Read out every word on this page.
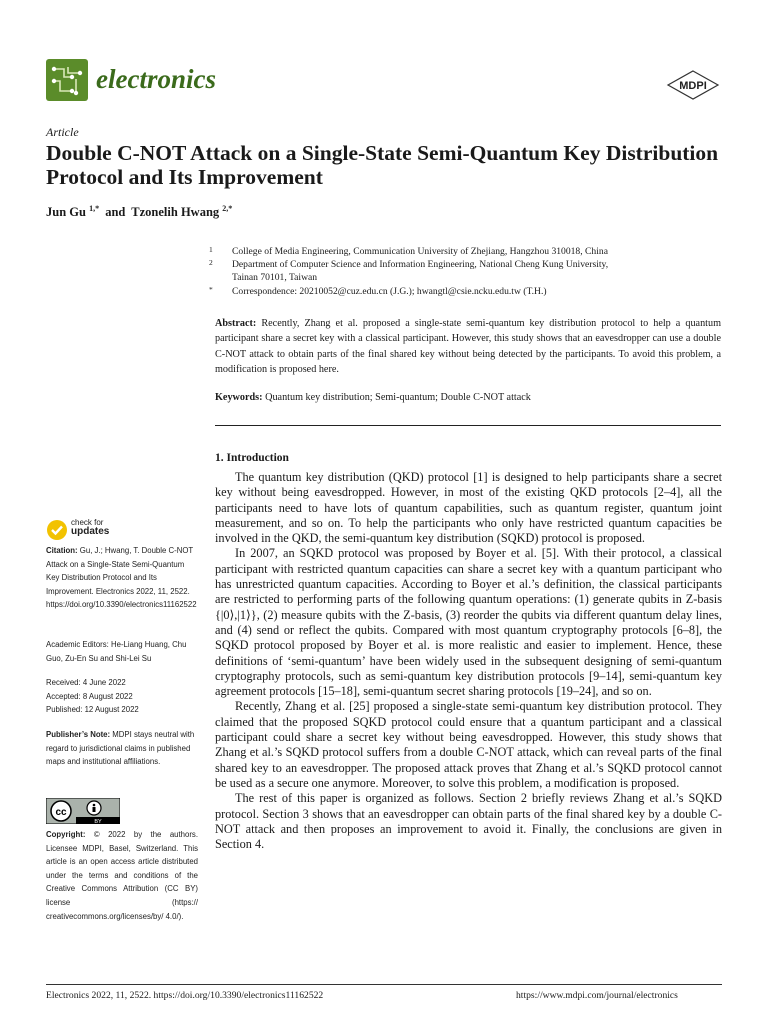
electronics	MDPI
Article
Double C-NOT Attack on a Single-State Semi-Quantum Key Distribution Protocol and Its Improvement
Jun Gu $^{1,*}$ and Tzonelih Hwang $^{2,*}$
1 College of Media Engineering, Communication University of Zhejiang, Hangzhou 310018, China
2 Department of Computer Science and Information Engineering, National Cheng Kung University,
Tainan 70101, Taiwan
* Correspondence: 20210052@cuz.edu.cn (J.G.); hwangtl@csie.ncku.edu.tw (T.H.)
Abstract: Recently, Zhang et al. proposed a single-state semi-quantum key distribution protocol to help a quantum participant share a secret key with a classical participant. However, this study shows that an eavesdropper can use a double C-NOT attack to obtain parts of the final shared key without being detected by the participants. To avoid this problem, a modification is proposed here.
Keywords: Quantum key distribution; Semi-quantum; Double C-NOT attack
1. Introduction

The quantum key distribution (QKD) protocol [1] is designed to help participants share a secret key without being eavesdropped. However, in most of the existing QKD protocols [2–4], all the participants need to have lots of quantum capabilities, such as quantum register, quantum joint measurement, and so on. To help the participants who only have restricted quantum capacities be involved in the QKD, the semi-quantum key distribution (SQKD) protocol is proposed.

In 2007, an SQKD protocol was proposed by Boyer et al. [5]. With their protocol, a classical participant with restricted quantum capacities can share a secret key with a quantum participant who has unrestricted quantum capacities. According to Boyer et al.’s definition, the classical participants are restricted to performing parts of the following quantum operations: (1) generate qubits in Z-basis {|0⟩,|1⟩}, (2) measure qubits with the Z-basis, (3) reorder the qubits via different quantum delay lines, and (4) send or reflect the qubits. Compared with most quantum cryptography protocols [6–8], the SQKD protocol proposed by Boyer et al. is more realistic and easier to implement. Hence, these definitions of ‘semi-quantum’ have been widely used in the subsequent designing of semi-quantum cryptography protocols, such as semi-quantum key distribution protocols [9–14], semi-quantum key agreement protocols [15–18], semi-quantum secret sharing protocols [19–24], and so on.

Recently, Zhang et al. [25] proposed a single-state semi-quantum key distribution protocol. They claimed that the proposed SQKD protocol could ensure that a quantum participant and a classical participant could share a secret key without being eavesdropped. However, this study shows that Zhang et al.’s SQKD protocol suffers from a double C-NOT attack, which can reveal parts of the final shared key to an eavesdropper. The proposed attack proves that Zhang et al.’s SQKD protocol cannot be used as a secure one anymore. Moreover, to solve this problem, a modification is proposed.

The rest of this paper is organized as follows. Section 2 briefly reviews Zhang et al.’s SQKD protocol. Section 3 shows that an eavesdropper can obtain parts of the final shared key by a double C-NOT attack and then proposes an improvement to avoid it. Finally, the conclusions are given in Section 4.

check for
updates
Citation: Gu, J.; Hwang, T. Double C-NOT Attack on a Single-State Semi-Quantum Key Distribution Protocol and Its Improvement. Electronics 2022, 11, 2522. https://doi.org/10.3390/electronics11162522
Academic Editors: He-Liang Huang, Chu Guo, Zu-En Su and Shi-Lei Su
Received: 4 June 2022
Accepted: 8 August 2022
Published: 12 August 2022
Publisher’s Note: MDPI stays neutral with regard to jurisdictional claims in published maps and institutional affiliations.
cc
BY
Copyright: © 2022 by the authors. Licensee MDPI, Basel, Switzerland. This article is an open access article distributed under the terms and conditions of the Creative Commons Attribution (CC BY) license (https:// creativecommons.org/licenses/by/ 4.0/).
Electronics 2022, 11, 2522. https://doi.org/10.3390/electronics11162522	https://www.mdpi.com/journal/electronics
